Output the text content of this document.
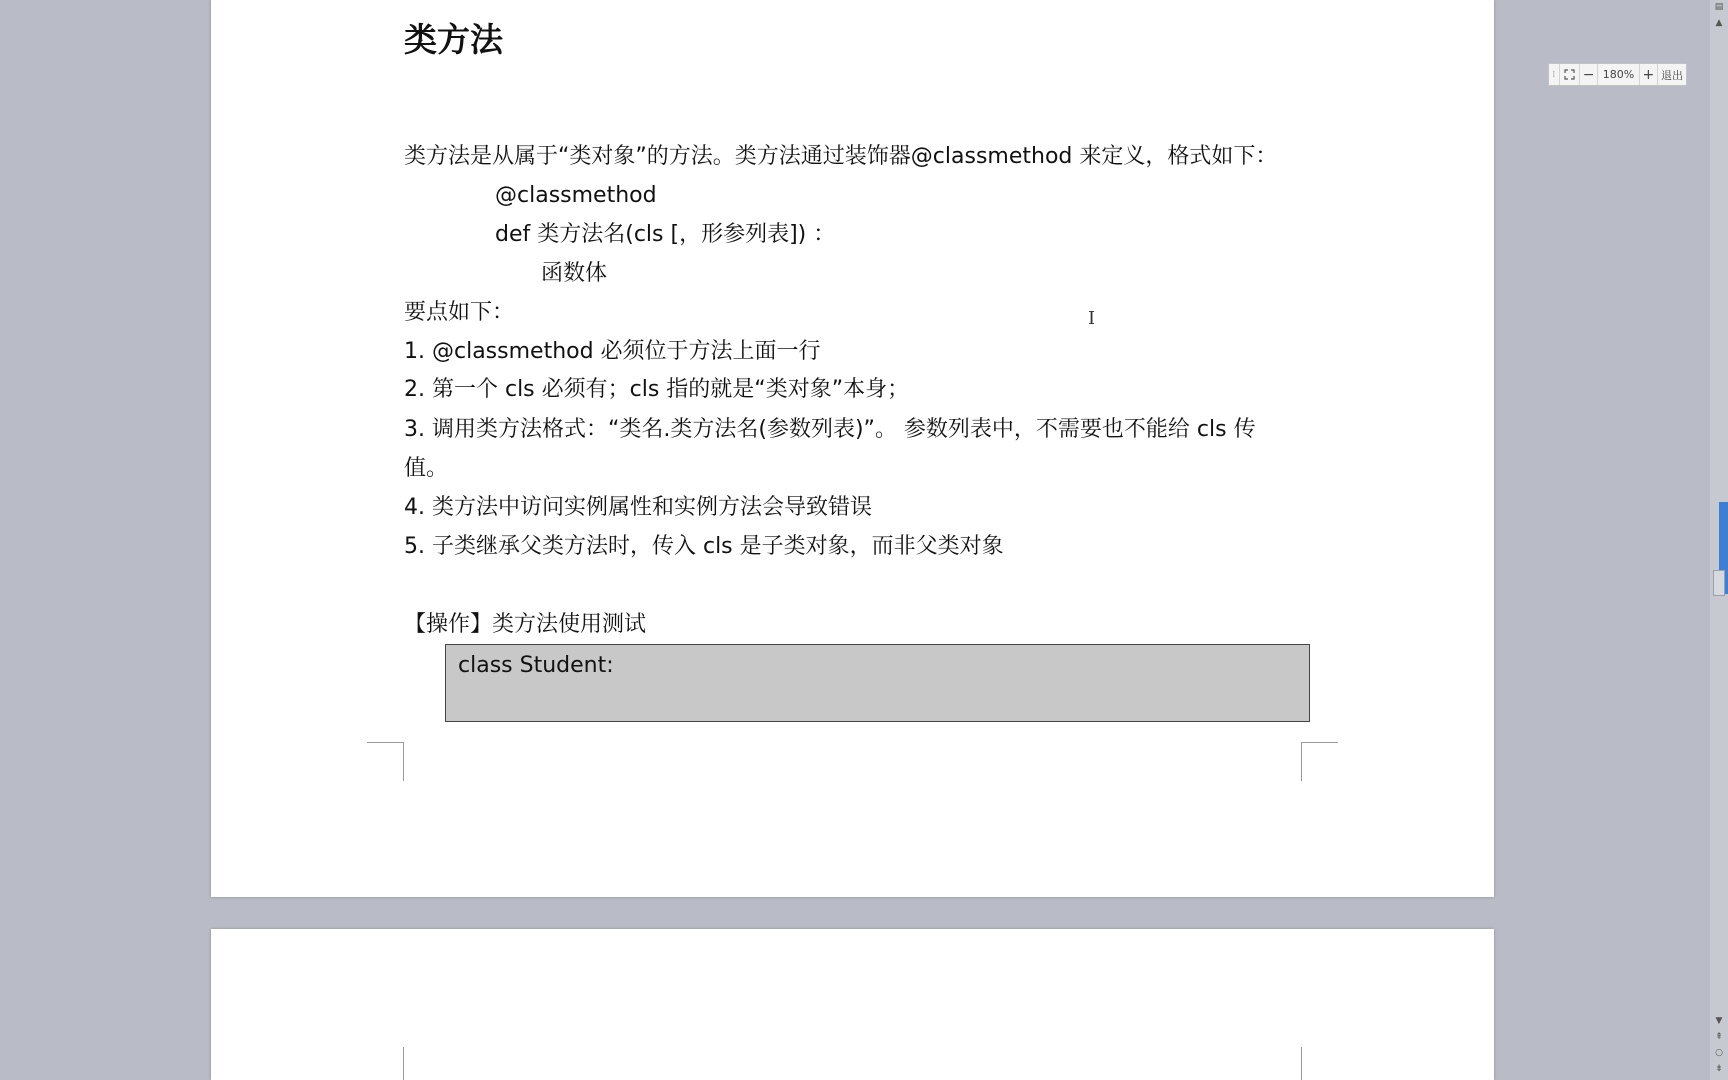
类方法
类方法是从属于“类对象”的方法。类方法通过装饰器@classmethod 来定义，格式如下：
@classmethod
def 类方法名(cls [，形参列表]) ：
函数体
要点如下：
1. @classmethod 必须位于方法上面一行
2. 第一个 cls 必须有；cls 指的就是“类对象”本身；
3. 调用类方法格式：“类名.类方法名(参数列表)”。 参数列表中，不需要也不能给 cls 传
值。
4. 类方法中访问实例属性和实例方法会导致错误
5. 子类继承父类方法时，传入 cls 是子类对象，而非父类对象
【操作】类方法使用测试
class Student:
I
⁞	− 180% + 退出
▤
▲
▼
⇞
○
⇟
